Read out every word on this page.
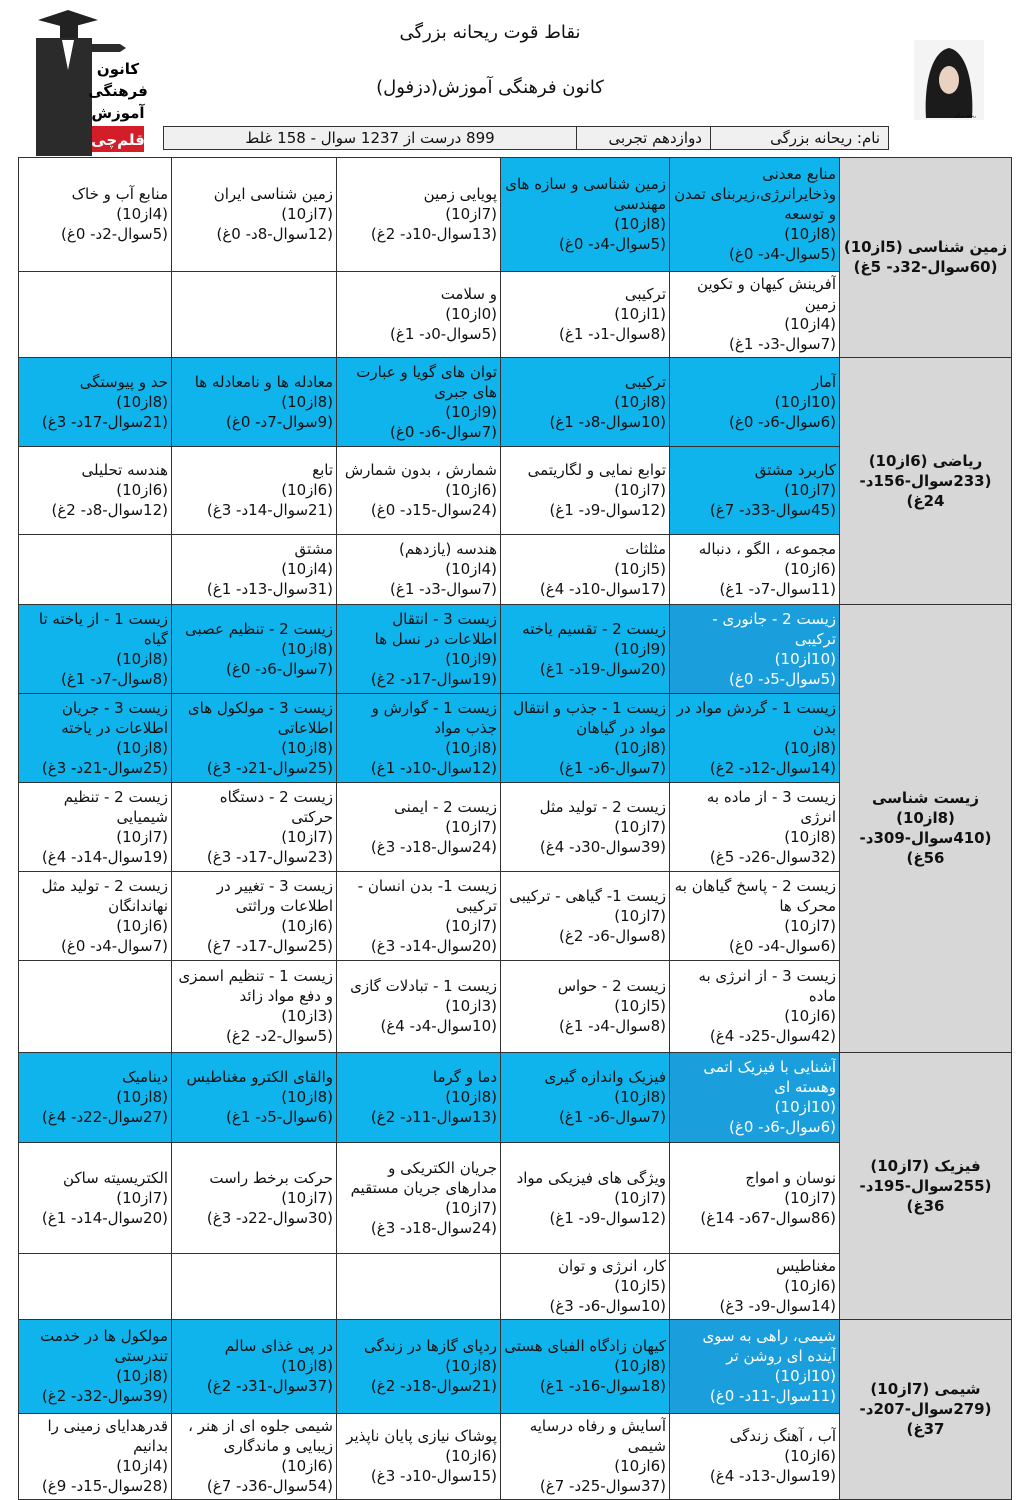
کانون
فرهنگی
آموزش
قلم‌چی
نقاط قوت ریحانه بزرگی
کانون فرهنگی آموزش(دزفول)
ریحانه بزرگی
نام: ریحانه بزرگی
دوازدهم تجربی
899 درست از 1237 سوال - 158 غلط
زمین شناسی (5از10) (60سوال-32د- 5غ)	منابع معدنی وذخایرانرژی،زیربنای تمدن و توسعه
(8از10)
(5سوال-4د- 0غ)	زمین شناسی و سازه های مهندسی
(8از10)
(5سوال-4د- 0غ)	پویایی زمین
(7از10)
(13سوال-10د- 2غ)	زمین شناسی ایران
(7از10)
(12سوال-8د- 0غ)	منابع آب و خاک
(4از10)
(5سوال-2د- 0غ)

	آفرینش کیهان و تکوین زمین
(4از10)
(7سوال-3د- 1غ)	ترکیبی
(1از10)
(8سوال-1د- 1غ)	و سلامت
(0از10)
(5سوال-0د- 1غ)		

ریاضی (6از10) (233سوال-156د- 24غ)	آمار
(10از10)
(6سوال-6د- 0غ)	ترکیبی
(8از10)
(10سوال-8د- 1غ)	توان های گویا و عبارت های جبری
(9از10)
(7سوال-6د- 0غ)	معادله ها و نامعادله ها
(8از10)
(9سوال-7د- 0غ)	حد و پیوستگی
(8از10)
(21سوال-17د- 3غ)

	کاربرد مشتق
(7از10)
(45سوال-33د- 7غ)	توابع نمایی و لگاریتمی
(7از10)
(12سوال-9د- 1غ)	شمارش ، بدون شمارش
(6از10)
(24سوال-15د- 0غ)	تابع
(6از10)
(21سوال-14د- 3غ)	هندسه تحلیلی
(6از10)
(12سوال-8د- 2غ)

	مجموعه ، الگو ، دنباله
(6از10)
(11سوال-7د- 1غ)	مثلثات
(5از10)
(17سوال-10د- 4غ)	هندسه (یازدهم)
(4از10)
(7سوال-3د- 1غ)	مشتق
(4از10)
(31سوال-13د- 1غ)	

زیست شناسی (8از10) (410سوال-309د- 56غ)	زیست 2 - جانوری - ترکیبی
(10از10)
(5سوال-5د- 0غ)	زیست 2 - تقسیم یاخته
(9از10)
(20سوال-19د- 1غ)	زیست 3 - انتقال اطلاعات در نسل ها
(9از10)
(19سوال-17د- 2غ)	زیست 2 - تنظیم عصبی
(8از10)
(7سوال-6د- 0غ)	زیست 1 - از یاخته تا گیاه
(8از10)
(8سوال-7د- 1غ)

	زیست 1 - گردش مواد در بدن
(8از10)
(14سوال-12د- 2غ)	زیست 1 - جذب و انتقال مواد در گیاهان
(8از10)
(7سوال-6د- 1غ)	زیست 1 - گوارش و جذب مواد
(8از10)
(12سوال-10د- 1غ)	زیست 3 - مولکول های اطلاعاتی
(8از10)
(25سوال-21د- 3غ)	زیست 3 - جریان اطلاعات در یاخته
(8از10)
(25سوال-21د- 3غ)

	زیست 3 - از ماده به انرژی
(8از10)
(32سوال-26د- 5غ)	زیست 2 - تولید مثل
(7از10)
(39سوال-30د- 4غ)	زیست 2 - ایمنی
(7از10)
(24سوال-18د- 3غ)	زیست 2 - دستگاه حرکتی
(7از10)
(23سوال-17د- 3غ)	زیست 2 - تنظیم شیمیایی
(7از10)
(19سوال-14د- 4غ)

	زیست 2 - پاسخ گیاهان به محرک ها
(7از10)
(6سوال-4د- 0غ)	زیست 1- گیاهی - ترکیبی
(7از10)
(8سوال-6د- 2غ)	زیست 1- بدن انسان - ترکیبی
(7از10)
(20سوال-14د- 3غ)	زیست 3 - تغییر در اطلاعات وراثتی
(6از10)
(25سوال-17د- 7غ)	زیست 2 - تولید مثل نهاندانگان
(6از10)
(7سوال-4د- 0غ)

	زیست 3 - از انرژی به ماده
(6از10)
(42سوال-25د- 4غ)	زیست 2 - حواس
(5از10)
(8سوال-4د- 1غ)	زیست 1 - تبادلات گازی
(3از10)
(10سوال-4د- 4غ)	زیست 1 - تنظیم اسمزی و دفع مواد زائد
(3از10)
(5سوال-2د- 2غ)	

فیزیک (7از10) (255سوال-195د- 36غ)	آشنایی با فیزیک اتمی وهسته ای
(10از10)
(6سوال-6د- 0غ)	فیزیک واندازه گیری
(8از10)
(7سوال-6د- 1غ)	دما و گرما
(8از10)
(13سوال-11د- 2غ)	والقای الکترو مغناطیس
(8از10)
(6سوال-5د- 1غ)	دینامیک
(8از10)
(27سوال-22د- 4غ)

	نوسان و امواج
(7از10)
(86سوال-67د- 14غ)	ویژگی های فیزیکی مواد
(7از10)
(12سوال-9د- 1غ)	جریان الکتریکی و مدارهای جریان مستقیم
(7از10)
(24سوال-18د- 3غ)	حرکت برخط راست
(7از10)
(30سوال-22د- 3غ)	الکتریسیته ساکن
(7از10)
(20سوال-14د- 1غ)

	مغناطیس
(6از10)
(14سوال-9د- 3غ)	کار، انرژی و توان
(5از10)
(10سوال-6د- 3غ)			

شیمی (7از10) (279سوال-207د- 37غ)	شیمی، راهی به سوی آینده ای روشن تر
(10از10)
(11سوال-11د- 0غ)	کیهان زادگاه الفبای هستی
(8از10)
(18سوال-16د- 1غ)	ردپای گازها در زندگی
(8از10)
(21سوال-18د- 2غ)	در پی غذای سالم
(8از10)
(37سوال-31د- 2غ)	مولکول ها در خدمت تندرستی
(8از10)
(39سوال-32د- 2غ)

	آب ، آهنگ زندگی
(6از10)
(19سوال-13د- 4غ)	آسایش و رفاه درسایه شیمی
(6از10)
(37سوال-25د- 7غ)	پوشاک نیازی پایان ناپذیر
(6از10)
(15سوال-10د- 3غ)	شیمی جلوه ای از هنر ، زیبایی و ماندگاری
(6از10)
(54سوال-36د- 7غ)	قدرهدایای زمینی را بدانیم
(4از10)
(28سوال-15د- 9غ)
